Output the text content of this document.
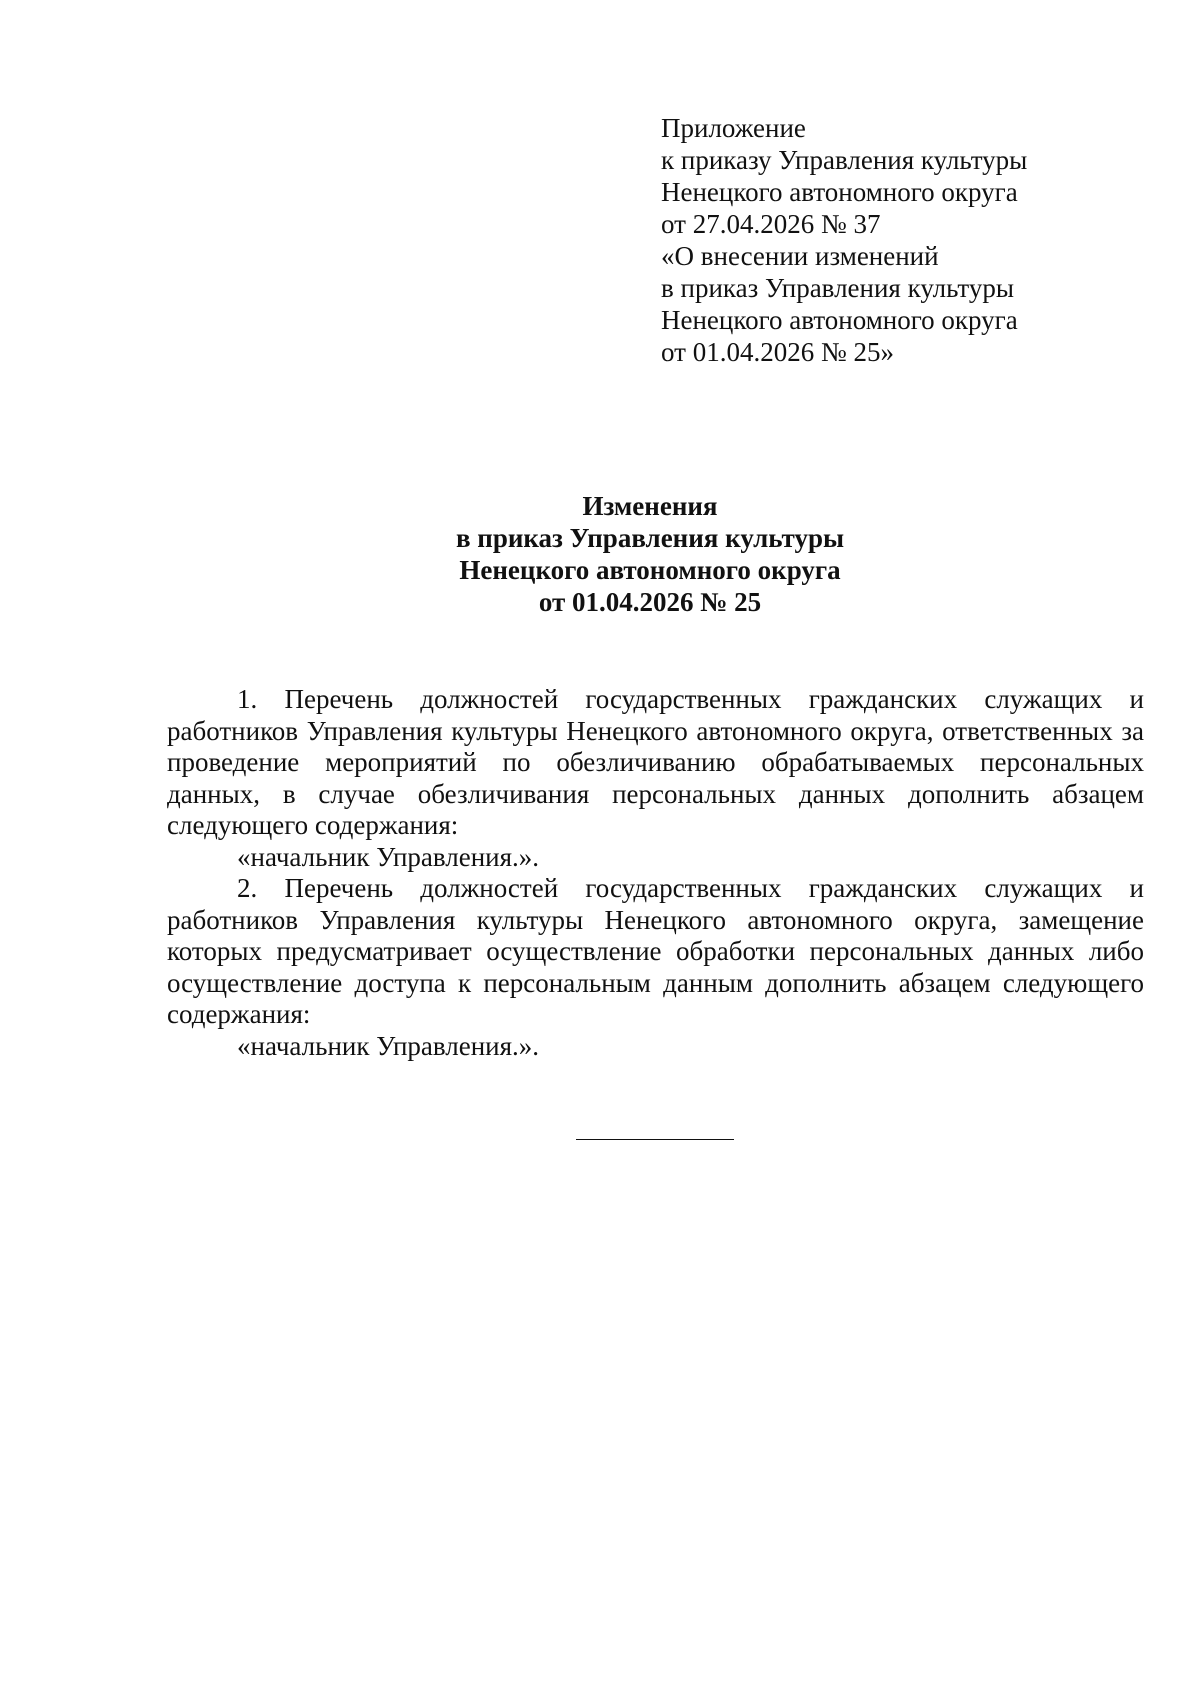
Приложение
к приказу Управления культуры
Ненецкого автономного округа
от 27.04.2026 № 37
«О внесении изменений
в приказ Управления культуры
Ненецкого автономного округа
от 01.04.2026 № 25»
Изменения
в приказ Управления культуры
Ненецкого автономного округа
от 01.04.2026 № 25

1. Перечень должностей государственных гражданских служащих и работников Управления культуры Ненецкого автономного округа, ответственных за проведение мероприятий по обезличиванию обрабатываемых персональных данных, в случае обезличивания персональных данных дополнить абзацем следующего содержания:

«начальник Управления.».

2. Перечень должностей государственных гражданских служащих и работников Управления культуры Ненецкого автономного округа, замещение которых предусматривает осуществление обработки персональных данных либо осуществление доступа к персональным данным дополнить абзацем следующего содержания:

«начальник Управления.».
